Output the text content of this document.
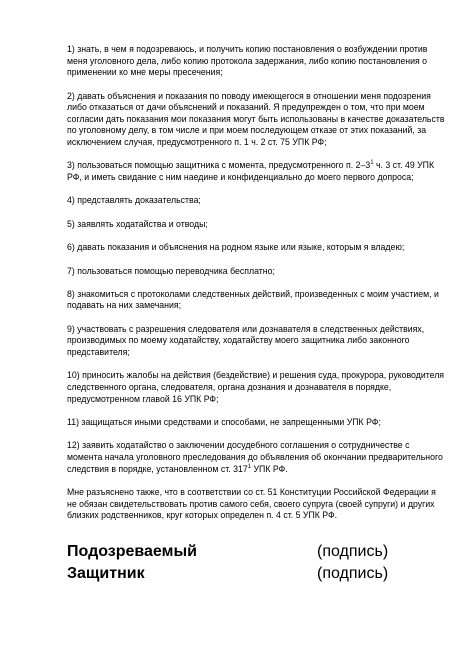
1) знать, в чем я подозреваюсь, и получить копию постановления о возбуждении против меня уголовного дела, либо копию протокола задержания, либо копию постановления о применении ко мне меры пресечения;

2) давать объяснения и показания по поводу имеющегося в отношении меня подозрения либо отказаться от дачи объяснений и показаний. Я предупрежден о том, что при моем согласии дать показания мои показания могут быть использованы в качестве доказательств по уголовному делу, в том числе и при моем последующем отказе от этих показаний, за исключением случая, предусмотренного п. 1 ч. 2 ст. 75 УПК РФ;

3) пользоваться помощью защитника с момента, предусмотренного п. $2-3^1$ ч. 3 ст. 49 УПК РФ, и иметь свидание с ним наедине и конфиденциально до моего первого допроса;

4) представлять доказательства;

5) заявлять ходатайства и отводы;

6) давать показания и объяснения на родном языке или языке, которым я владею;

7) пользоваться помощью переводчика бесплатно;

8) знакомиться с протоколами следственных действий, произведенных с моим участием, и подавать на них замечания;

9) участвовать с разрешения следователя или дознавателя в следственных действиях, производимых по моему ходатайству, ходатайству моего защитника либо законного представителя;

10) приносить жалобы на действия (бездействие) и решения суда, прокурора, руководителя следственного органа, следователя, органа дознания и дознавателя в порядке, предусмотренном главой 16 УПК РФ;

11) защищаться иными средствами и способами, не запрещенными УПК РФ;

12) заявить ходатайство о заключении досудебного соглашения о сотрудничестве с момента начала уголовного преследования до объявления об окончании предварительного следствия в порядке, установленном ст. $317^1$ УПК РФ.

Мне разъяснено также, что в соответствии со ст. 51 Конституции Российской Федерации я не обязан свидетельствовать против самого себя, своего супруга (своей супруги) и других близких родственников, круг которых определен п. 4 ст. 5 УПК РФ.

Подозреваемый	(подпись)
Защитник	(подпись)
